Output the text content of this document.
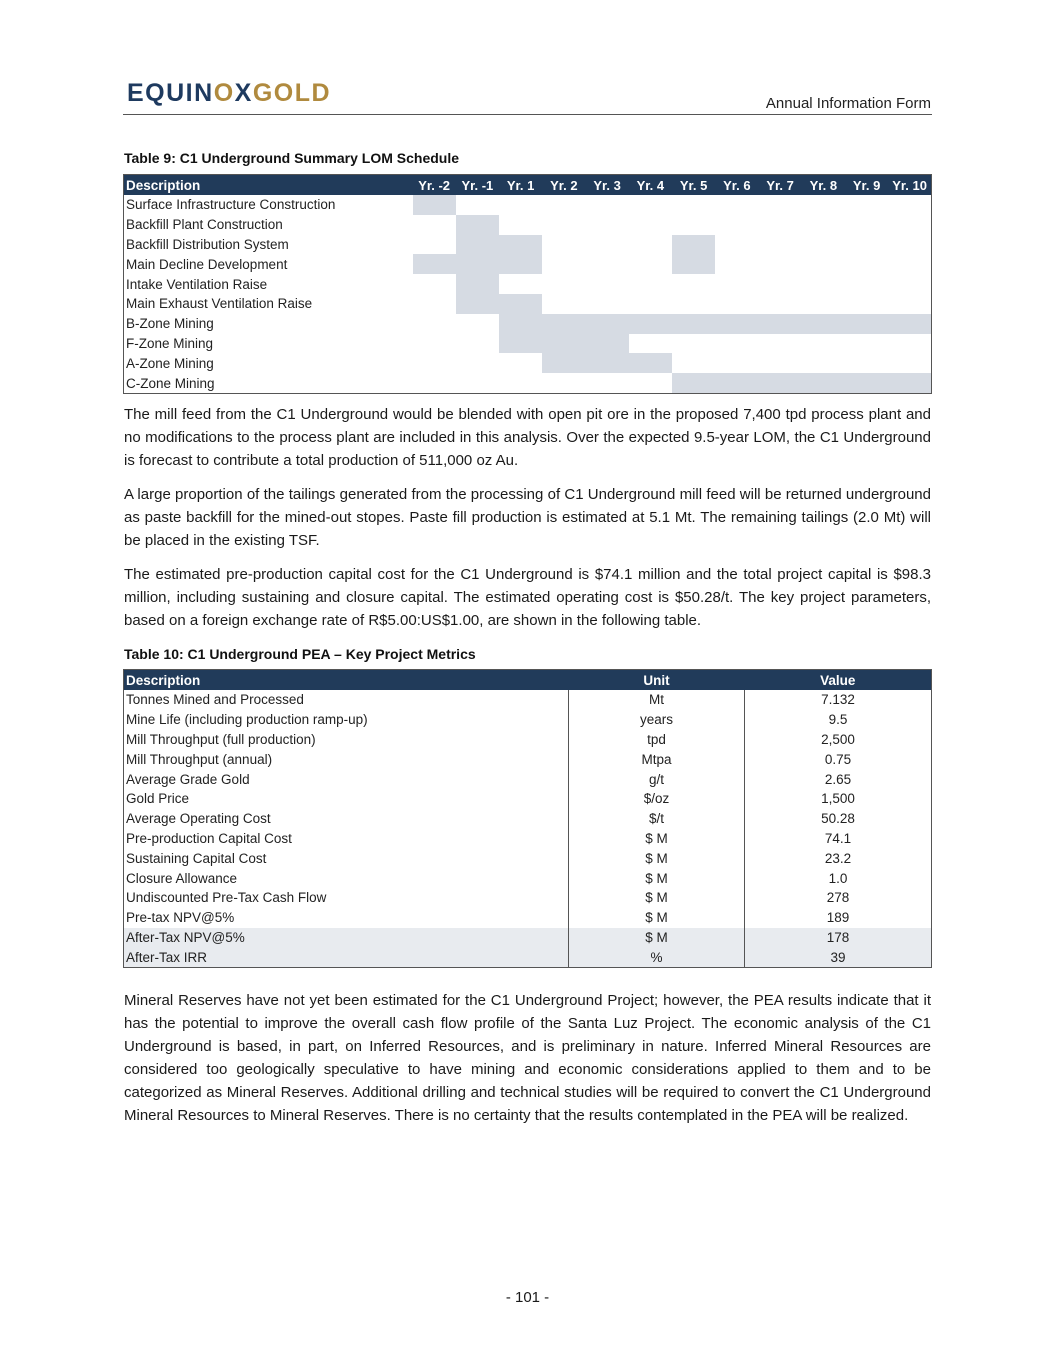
EQUINOXGOLD	Annual Information Form
Table 9: C1 Underground Summary LOM Schedule
Description	Yr. -2	Yr. -1	Yr. 1	Yr. 2	Yr. 3	Yr. 4	Yr. 5	Yr. 6	Yr. 7	Yr. 8	Yr. 9	Yr. 10
Surface Infrastructure Construction												
Backfill Plant Construction												
Backfill Distribution System												
Main Decline Development												
Intake Ventilation Raise												
Main Exhaust Ventilation Raise												
B-Zone Mining												
F-Zone Mining												
A-Zone Mining												
C-Zone Mining												
The mill feed from the C1 Underground would be blended with open pit ore in the proposed 7,400 tpd process plant and no modifications to the process plant are included in this analysis. Over the expected 9.5-year LOM, the C1 Underground is forecast to contribute a total production of 511,000 oz Au.
A large proportion of the tailings generated from the processing of C1 Underground mill feed will be returned underground as paste backfill for the mined-out stopes. Paste fill production is estimated at 5.1 Mt. The remaining tailings (2.0 Mt) will be placed in the existing TSF.
The estimated pre-production capital cost for the C1 Underground is $74.1 million and the total project capital is $98.3 million, including sustaining and closure capital. The estimated operating cost is $50.28/t. The key project parameters, based on a foreign exchange rate of R$5.00:US$1.00, are shown in the following table.
Table 10: C1 Underground PEA – Key Project Metrics
Description	Unit	Value
Tonnes Mined and Processed	Mt	7.132
Mine Life (including production ramp-up)	years	9.5
Mill Throughput (full production)	tpd	2,500
Mill Throughput (annual)	Mtpa	0.75
Average Grade Gold	g/t	2.65
Gold Price	$/oz	1,500
Average Operating Cost	$/t	50.28
Pre-production Capital Cost	$ M	74.1
Sustaining Capital Cost	$ M	23.2
Closure Allowance	$ M	1.0
Undiscounted Pre-Tax Cash Flow	$ M	278
Pre-tax NPV@5%	$ M	189
After-Tax NPV@5%	$ M	178
After-Tax IRR	%	39
Mineral Reserves have not yet been estimated for the C1 Underground Project; however, the PEA results indicate that it has the potential to improve the overall cash flow profile of the Santa Luz Project. The economic analysis of the C1 Underground is based, in part, on Inferred Resources, and is preliminary in nature. Inferred Mineral Resources are considered too geologically speculative to have mining and economic considerations applied to them and to be categorized as Mineral Reserves. Additional drilling and technical studies will be required to convert the C1 Underground Mineral Resources to Mineral Reserves. There is no certainty that the results contemplated in the PEA will be realized.
- 101 -
